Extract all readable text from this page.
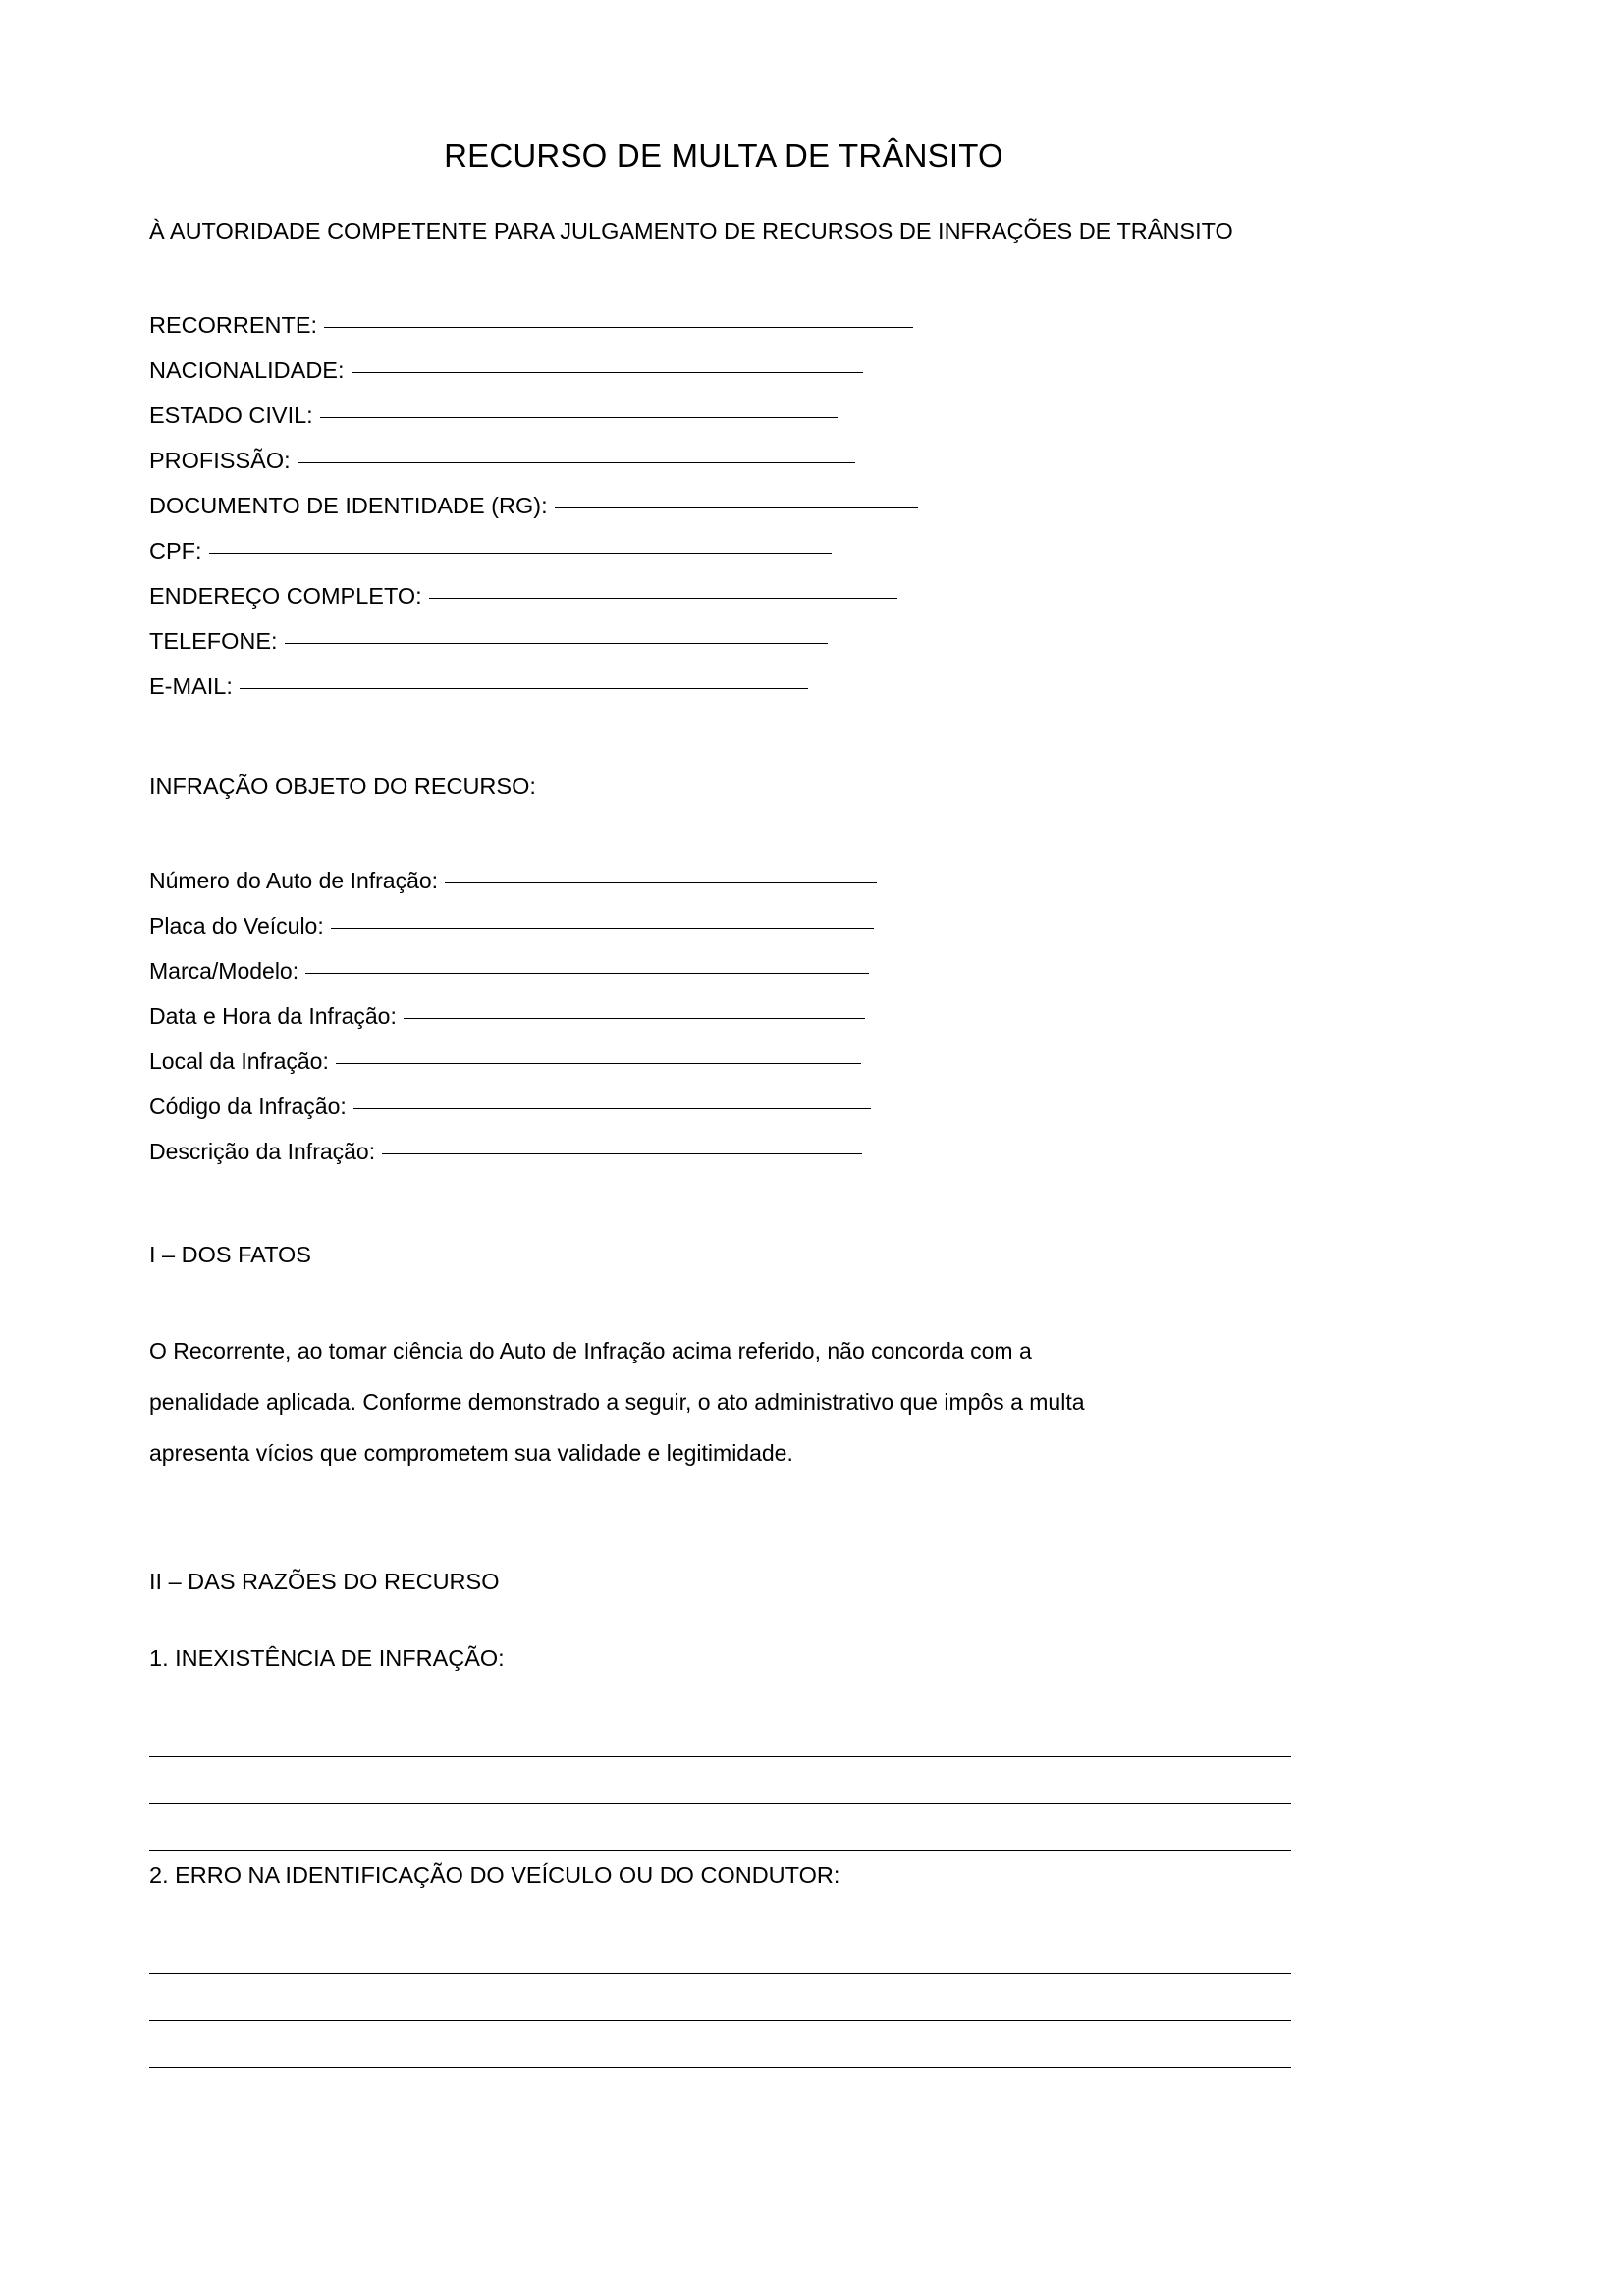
RECURSO DE MULTA DE TRÂNSITO
À AUTORIDADE COMPETENTE PARA JULGAMENTO DE RECURSOS DE INFRAÇÕES DE TRÂNSITO
RECORRENTE:
NACIONALIDADE:
ESTADO CIVIL:
PROFISSÃO:
DOCUMENTO DE IDENTIDADE (RG):
CPF:
ENDEREÇO COMPLETO:
TELEFONE:
E-MAIL:
INFRAÇÃO OBJETO DO RECURSO:
Número do Auto de Infração:
Placa do Veículo:
Marca/Modelo:
Data e Hora da Infração:
Local da Infração:
Código da Infração:
Descrição da Infração:
I – DOS FATOS
O Recorrente, ao tomar ciência do Auto de Infração acima referido, não concorda com a
penalidade aplicada. Conforme demonstrado a seguir, o ato administrativo que impôs a multa
apresenta vícios que comprometem sua validade e legitimidade.
II – DAS RAZÕES DO RECURSO
1. INEXISTÊNCIA DE INFRAÇÃO:
2. ERRO NA IDENTIFICAÇÃO DO VEÍCULO OU DO CONDUTOR:
